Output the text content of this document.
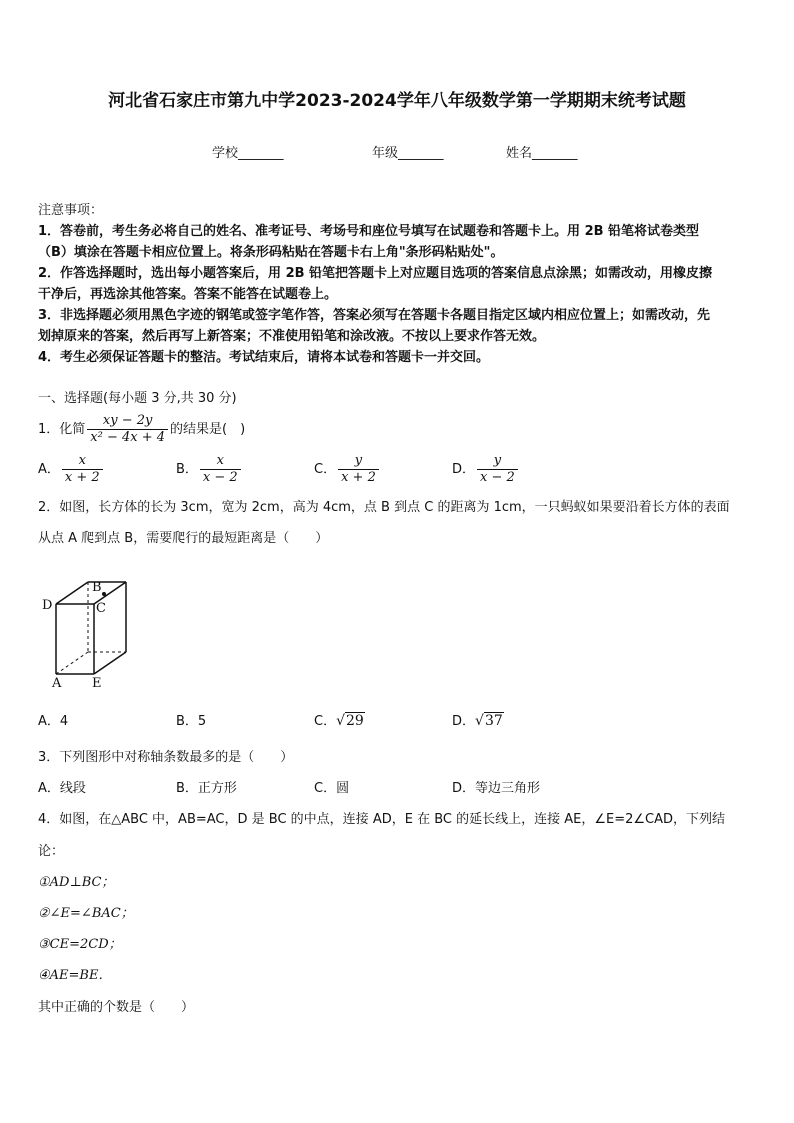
河北省石家庄市第九中学2023-2024学年八年级数学第一学期期末统考试题
学校_______	年级_______	姓名_______
注意事项：
1．答卷前，考生务必将自己的姓名、准考证号、考场号和座位号填写在试题卷和答题卡上。用 2B 铅笔将试卷类型
（B）填涂在答题卡相应位置上。将条形码粘贴在答题卡右上角"条形码粘贴处"。
2．作答选择题时，选出每小题答案后，用 2B 铅笔把答题卡上对应题目选项的答案信息点涂黑；如需改动，用橡皮擦
干净后，再选涂其他答案。答案不能答在试题卷上。
3．非选择题必须用黑色字迹的钢笔或签字笔作答，答案必须写在答题卡各题目指定区域内相应位置上；如需改动，先
划掉原来的答案，然后再写上新答案；不准使用铅笔和涂改液。不按以上要求作答无效。
4．考生必须保证答题卡的整洁。考试结束后，请将本试卷和答题卡一并交回。
一、选择题(每小题 3 分,共 30 分)
1．化简 $\frac{xy - 2y}{\text{x² − 4x + 4}}$ 的结果是(　)
A． $\frac{x}{x + 2}$	B． $\frac{x}{x - 2}$	C． $\frac{y}{x + 2}$	D． $\frac{y}{x - 2}$
2．如图，长方体的长为 3cm，宽为 2cm，高为 4cm，点 B 到点 C 的距离为 1cm，一只蚂蚁如果要沿着长方体的表面
从点 A 爬到点 B，需要爬行的最短距离是（　　）
B
C
D
A E
A．4	B．5	C．√29	D．√37
3．下列图形中对称轴条数最多的是（　　）
A．线段	B．正方形	C．圆	D．等边三角形
4．如图，在△ABC 中，AB=AC，D 是 BC 的中点，连接 AD，E 在 BC 的延长线上，连接 AE，∠E=2∠CAD，下列结
论：
①AD⊥BC；
②∠E=∠BAC；
③CE=2CD；
④AE=BE．
其中正确的个数是（　　）
